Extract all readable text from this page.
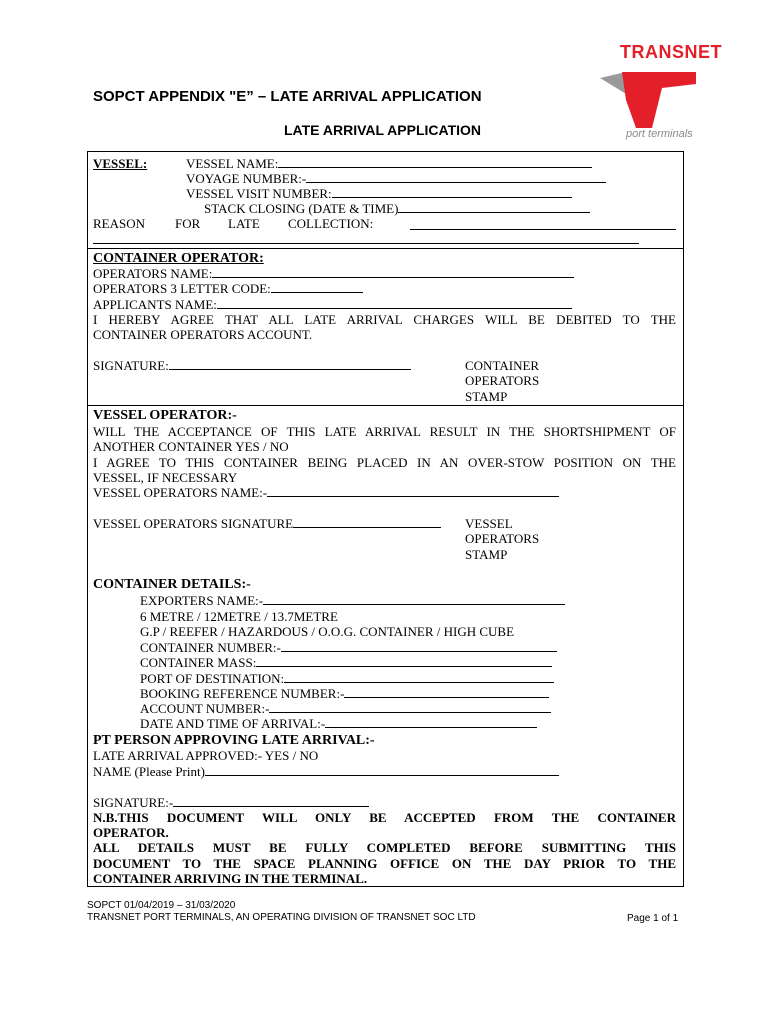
TRANSNET
port terminals
SOPCT APPENDIX "E” – LATE ARRIVAL APPLICATION
LATE ARRIVAL APPLICATION
VESSEL:	VESSEL NAME:
VOYAGE NUMBER:-
VESSEL VISIT NUMBER:
STACK CLOSING (DATE & TIME)
REASON FOR LATE COLLECTION:
CONTAINER OPERATOR:
OPERATORS NAME:
OPERATORS 3 LETTER CODE:
APPLICANTS NAME:
I HEREBY AGREE THAT ALL LATE ARRIVAL CHARGES WILL BE DEBITED TO THE
CONTAINER OPERATORS ACCOUNT.
SIGNATURE:	CONTAINER
OPERATORS
STAMP
VESSEL OPERATOR:-
WILL THE ACCEPTANCE OF THIS LATE ARRIVAL RESULT IN THE SHORTSHIPMENT OF
ANOTHER CONTAINER YES / NO
I AGREE TO THIS CONTAINER BEING PLACED IN AN OVER-STOW POSITION ON THE
VESSEL, IF NECESSARY
VESSEL OPERATORS NAME:-
VESSEL OPERATORS SIGNATURE	VESSEL
OPERATORS
STAMP
CONTAINER DETAILS:-
EXPORTERS NAME:-
6 METRE / 12METRE / 13.7METRE
G.P / REEFER / HAZARDOUS / O.O.G. CONTAINER / HIGH CUBE
CONTAINER NUMBER:-
CONTAINER MASS:
PORT OF DESTINATION:
BOOKING REFERENCE NUMBER:-
ACCOUNT NUMBER:-
DATE AND TIME OF ARRIVAL:-
PT PERSON APPROVING LATE ARRIVAL:-
LATE ARRIVAL APPROVED:- YES / NO
NAME (Please Print)
SIGNATURE:-
N.B.THIS DOCUMENT WILL ONLY BE ACCEPTED FROM THE CONTAINER
OPERATOR.
ALL DETAILS MUST BE FULLY COMPLETED BEFORE SUBMITTING THIS
DOCUMENT TO THE SPACE PLANNING OFFICE ON THE DAY PRIOR TO THE
CONTAINER ARRIVING IN THE TERMINAL.
SOPCT 01/04/2019 – 31/03/2020
TRANSNET PORT TERMINALS, AN OPERATING DIVISION OF TRANSNET SOC LTD	Page 1 of 1
